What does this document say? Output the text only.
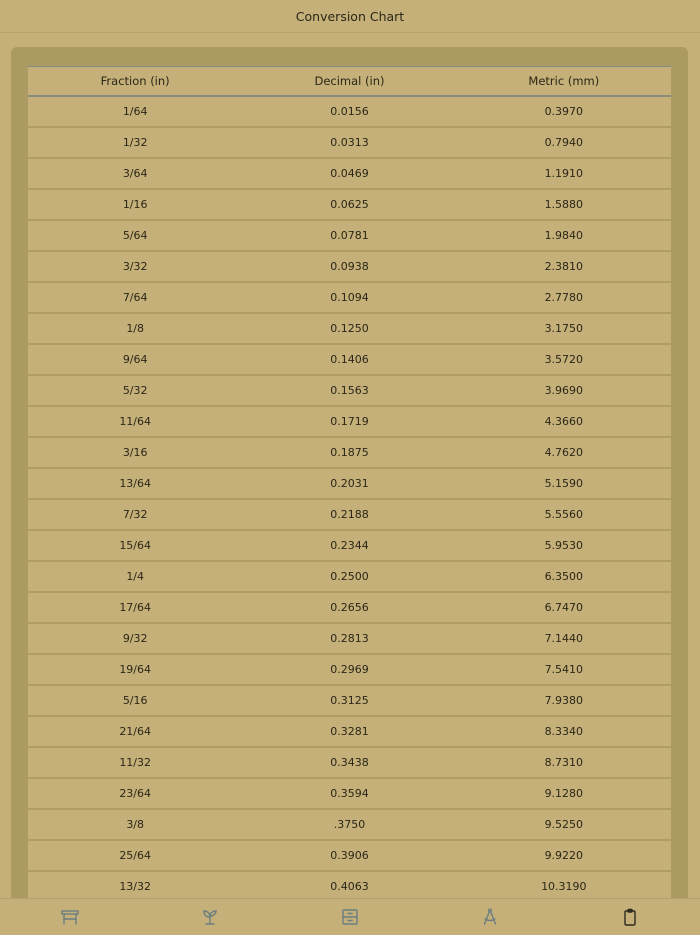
Conversion Chart
Fraction (in)	Decimal (in)	Metric (mm)
1/64	0.0156	0.3970
1/32	0.0313	0.7940
3/64	0.0469	1.1910
1/16	0.0625	1.5880
5/64	0.0781	1.9840
3/32	0.0938	2.3810
7/64	0.1094	2.7780
1/8	0.1250	3.1750
9/64	0.1406	3.5720
5/32	0.1563	3.9690
11/64	0.1719	4.3660
3/16	0.1875	4.7620
13/64	0.2031	5.1590
7/32	0.2188	5.5560
15/64	0.2344	5.9530
1/4	0.2500	6.3500
17/64	0.2656	6.7470
9/32	0.2813	7.1440
19/64	0.2969	7.5410
5/16	0.3125	7.9380
21/64	0.3281	8.3340
11/32	0.3438	8.7310
23/64	0.3594	9.1280
3/8	.3750	9.5250
25/64	0.3906	9.9220
13/32	0.4063	10.3190
